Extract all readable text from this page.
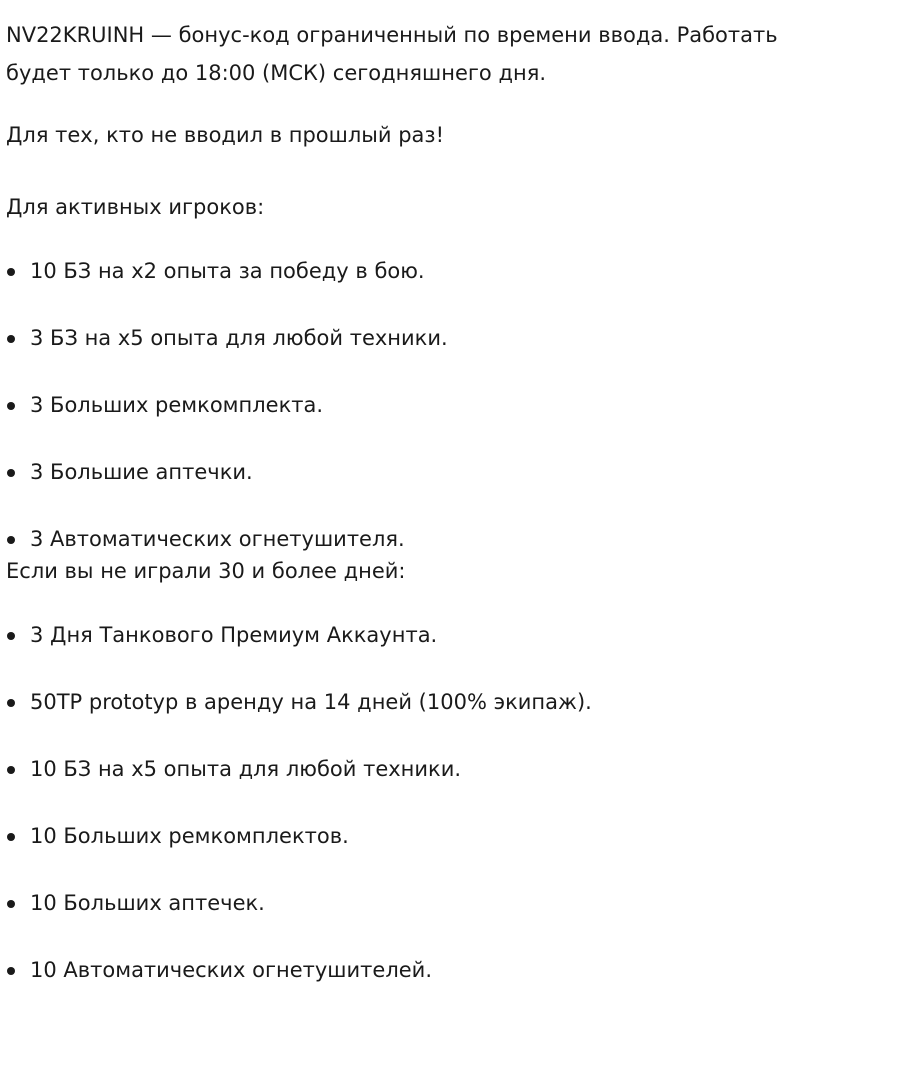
NV22KRUINH — бонус-код ограниченный по времени ввода. Работать
будет только до 18:00 (МСК) сегодняшнего дня.

Для тех, кто не вводил в прошлый раз!

Для активных игроков:

10 БЗ на x2 опыта за победу в бою.
3 БЗ на x5 опыта для любой техники.
3 Больших ремкомплекта.
3 Большие аптечки.
3 Автоматических огнетушителя.

Если вы не играли 30 и более дней:

3 Дня Танкового Премиум Аккаунта.
50TP prototyp в аренду на 14 дней (100% экипаж).
10 БЗ на x5 опыта для любой техники.
10 Больших ремкомплектов.
10 Больших аптечек.
10 Автоматических огнетушителей.
